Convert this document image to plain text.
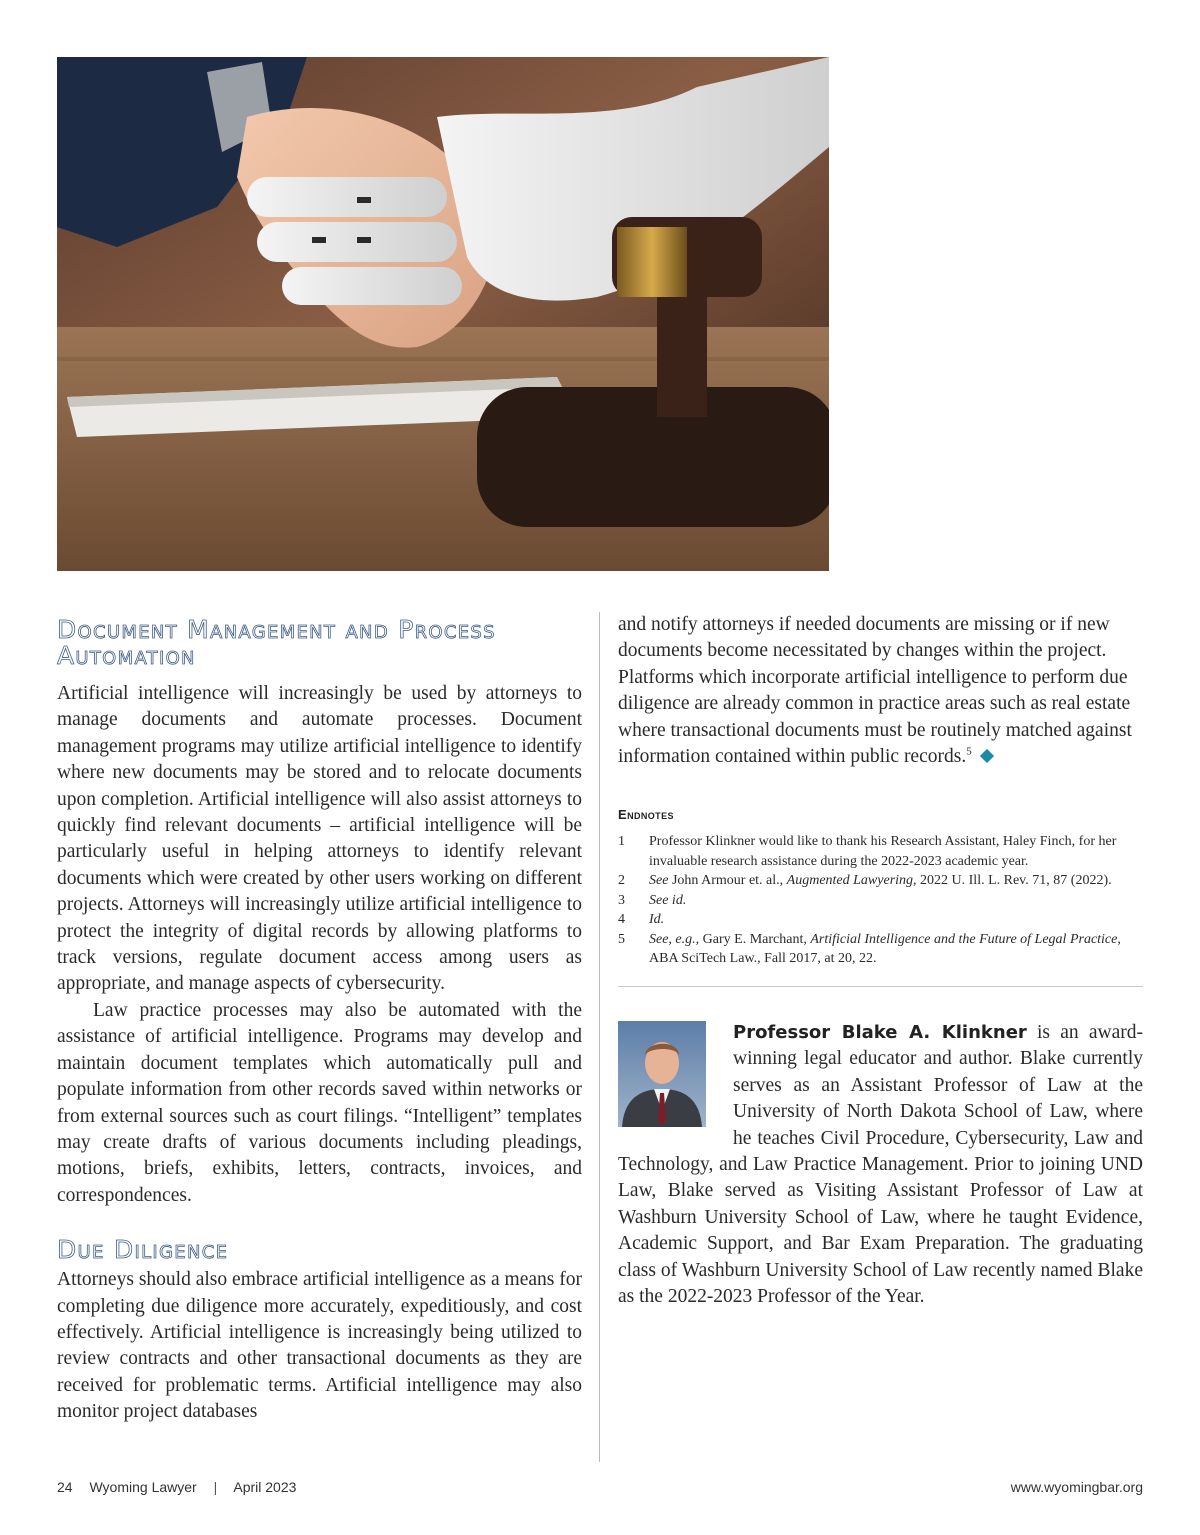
Document Management and Process Automation

Artificial intelligence will increasingly be used by attorneys to manage documents and automate processes. Document management programs may utilize artificial intelligence to identify where new documents may be stored and to relocate documents upon completion. Artificial intelligence will also assist attorneys to quickly find relevant documents – artificial intelligence will be particularly useful in helping attorneys to identify relevant documents which were created by other users working on different projects. Attorneys will increasingly utilize artificial intelligence to protect the integrity of digital records by allowing platforms to track versions, regulate document access among users as appropriate, and manage aspects of cybersecurity.

Law practice processes may also be automated with the assistance of artificial intelligence. Programs may develop and maintain document templates which automatically pull and populate information from other records saved within networks or from external sources such as court filings. “Intelligent” templates may create drafts of various documents including pleadings, motions, briefs, exhibits, letters, contracts, invoices, and correspondences.

Due Diligence

Attorneys should also embrace artificial intelligence as a means for completing due diligence more accurately, expeditiously, and cost effectively. Artificial intelligence is increasingly being utilized to review contracts and other transactional documents as they are received for problematic terms. Artificial intelligence may also monitor project databases

and notify attorneys if needed documents are missing or if new documents become necessitated by changes within the project. Platforms which incorporate artificial intelligence to perform due diligence are already common in practice areas such as real estate where transactional documents must be routinely matched against information contained within public records.$^5$

Endnotes
1	Professor Klinkner would like to thank his Research Assistant, Haley Finch, for her invaluable research assistance during the 2022-2023 academic year.
2	See John Armour et. al., Augmented Lawyering, 2022 U. Ill. L. Rev. 71, 87 (2022).
3	See id.
4	Id.
5	See, e.g., Gary E. Marchant, Artificial Intelligence and the Future of Legal Practice, ABA SciTech Law., Fall 2017, at 20, 22.
Professor Blake A. Klinkner is an award-winning legal educator and author. Blake currently serves as an Assistant Professor of Law at the University of North Dakota School of Law, where he teaches Civil Procedure, Cybersecurity, Law and Technology, and Law Practice Management. Prior to joining UND Law, Blake served as Visiting Assistant Professor of Law at Washburn University School of Law, where he taught Evidence, Academic Support, and Bar Exam Preparation. The graduating class of Washburn University School of Law recently named Blake as the 2022-2023 Professor of the Year.
24 Wyoming Lawyer | April 2023	www.wyomingbar.org
